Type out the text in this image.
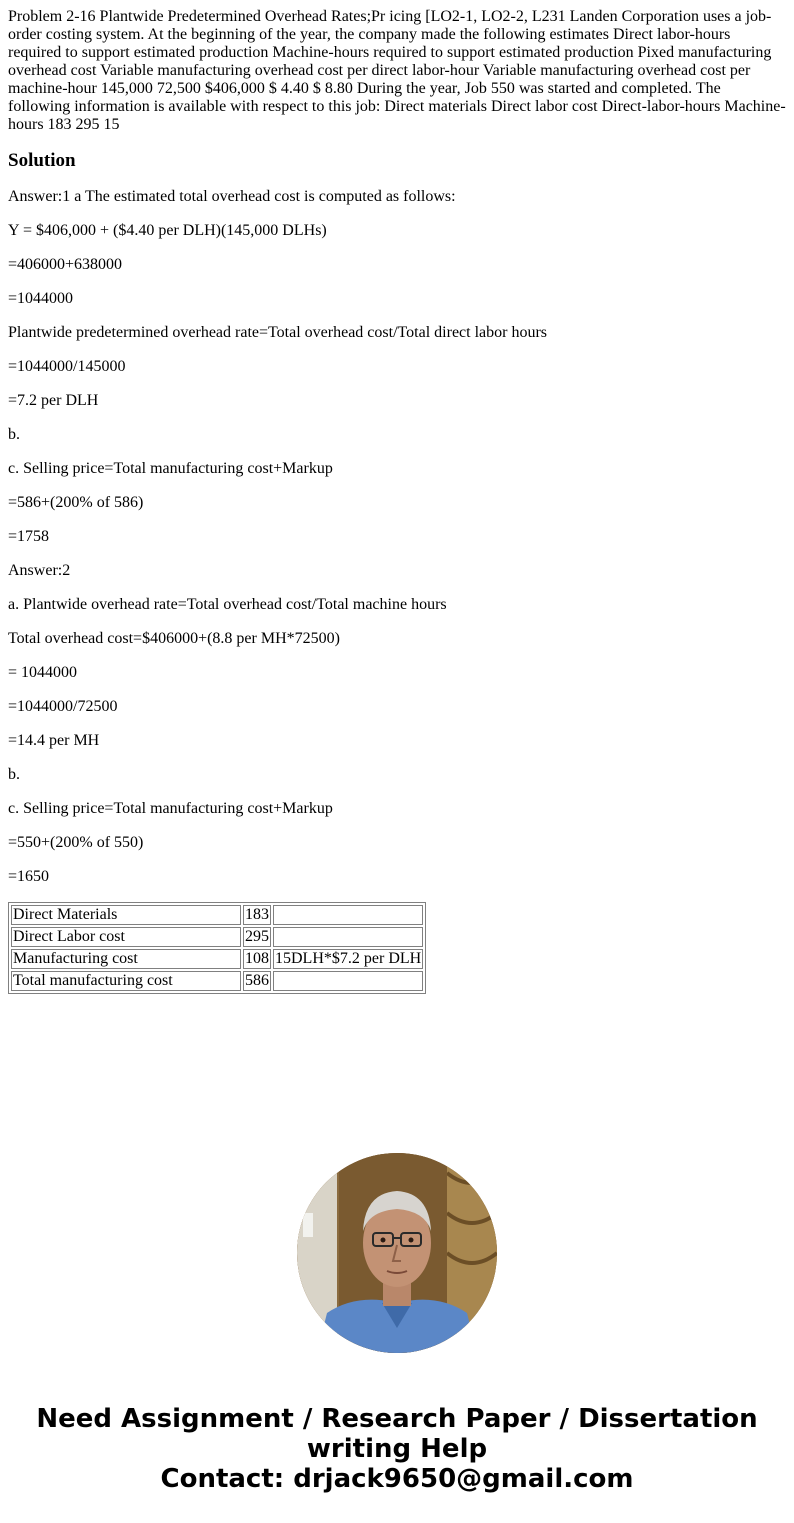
Problem 2-16 Plantwide Predetermined Overhead Rates;Pr icing [LO2-1, LO2-2, L231 Landen Corporation uses a job-order costing system. At the beginning of the year, the company made the following estimates Direct labor-hours required to support estimated production Machine-hours required to support estimated production Pixed manufacturing overhead cost Variable manufacturing overhead cost per direct labor-hour Variable manufacturing overhead cost per machine-hour 145,000 72,500 $406,000 $ 4.40 $ 8.80 During the year, Job 550 was started and completed. The following information is available with respect to this job: Direct materials Direct labor cost Direct-labor-hours Machine-hours 183 295 15
Solution

Answer:1 a The estimated total overhead cost is computed as follows:

Y = $406,000 + ($4.40 per DLH)(145,000 DLHs)

=406000+638000

=1044000

Plantwide predetermined overhead rate=Total overhead cost/Total direct labor hours

=1044000/145000

=7.2 per DLH

b.

c. Selling price=Total manufacturing cost+Markup

=586+(200% of 586)

=1758

Answer:2

a. Plantwide overhead rate=Total overhead cost/Total machine hours

Total overhead cost=$406000+(8.8 per MH*72500)

= 1044000

=1044000/72500

=14.4 per MH

b.

c. Selling price=Total manufacturing cost+Markup

=550+(200% of 550)

=1650

Direct Materials	183	
Direct Labor cost	295	
Manufacturing cost	108	15DLH*$7.2 per DLH
Total manufacturing cost	586	
Need Assignment / Research Paper / Dissertation
writing Help
Contact: drjack9650@gmail.com
